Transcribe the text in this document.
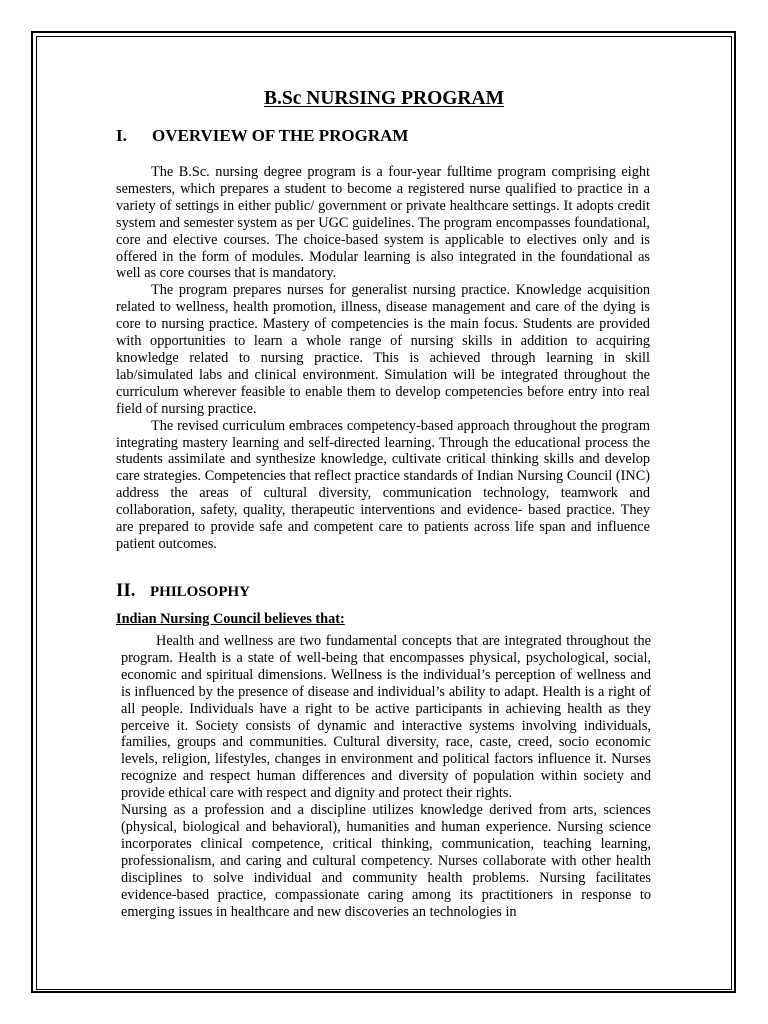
B.Sc NURSING PROGRAM
I. OVERVIEW OF THE PROGRAM

The B.Sc. nursing degree program is a four-year fulltime program comprising eight semesters, which prepares a student to become a registered nurse qualified to practice in a variety of settings in either public/ government or private healthcare settings. It adopts credit system and semester system as per UGC guidelines. The program encompasses foundational, core and elective courses. The choice-based system is applicable to electives only and is offered in the form of modules. Modular learning is also integrated in the foundational as well as core courses that is mandatory.

The program prepares nurses for generalist nursing practice. Knowledge acquisition related to wellness, health promotion, illness, disease management and care of the dying is core to nursing practice. Mastery of competencies is the main focus. Students are provided with opportunities to learn a whole range of nursing skills in addition to acquiring knowledge related to nursing practice. This is achieved through learning in skill lab/simulated labs and clinical environment. Simulation will be integrated throughout the curriculum wherever feasible to enable them to develop competencies before entry into real field of nursing practice.

The revised curriculum embraces competency-based approach throughout the program integrating mastery learning and self-directed learning. Through the educational process the students assimilate and synthesize knowledge, cultivate critical thinking skills and develop care strategies. Competencies that reflect practice standards of Indian Nursing Council (INC) address the areas of cultural diversity, communication technology, teamwork and collaboration, safety, quality, therapeutic interventions and evidence- based practice. They are prepared to provide safe and competent care to patients across life span and influence patient outcomes.

II. PHILOSOPHY
Indian Nursing Council believes that:

Health and wellness are two fundamental concepts that are integrated throughout the program. Health is a state of well-being that encompasses physical, psychological, social, economic and spiritual dimensions. Wellness is the individual’s perception of wellness and is influenced by the presence of disease and individual’s ability to adapt. Health is a right of all people. Individuals have a right to be active participants in achieving health as they perceive it. Society consists of dynamic and interactive systems involving individuals, families, groups and communities. Cultural diversity, race, caste, creed, socio economic levels, religion, lifestyles, changes in environment and political factors influence it. Nurses recognize and respect human differences and diversity of population within society and provide ethical care with respect and dignity and protect their rights.

Nursing as a profession and a discipline utilizes knowledge derived from arts, sciences (physical, biological and behavioral), humanities and human experience. Nursing science incorporates clinical competence, critical thinking, communication, teaching learning, professionalism, and caring and cultural competency. Nurses collaborate with other health disciplines to solve individual and community health problems. Nursing facilitates evidence-based practice, compassionate caring among its practitioners in response to emerging issues in healthcare and new discoveries an technologies in
